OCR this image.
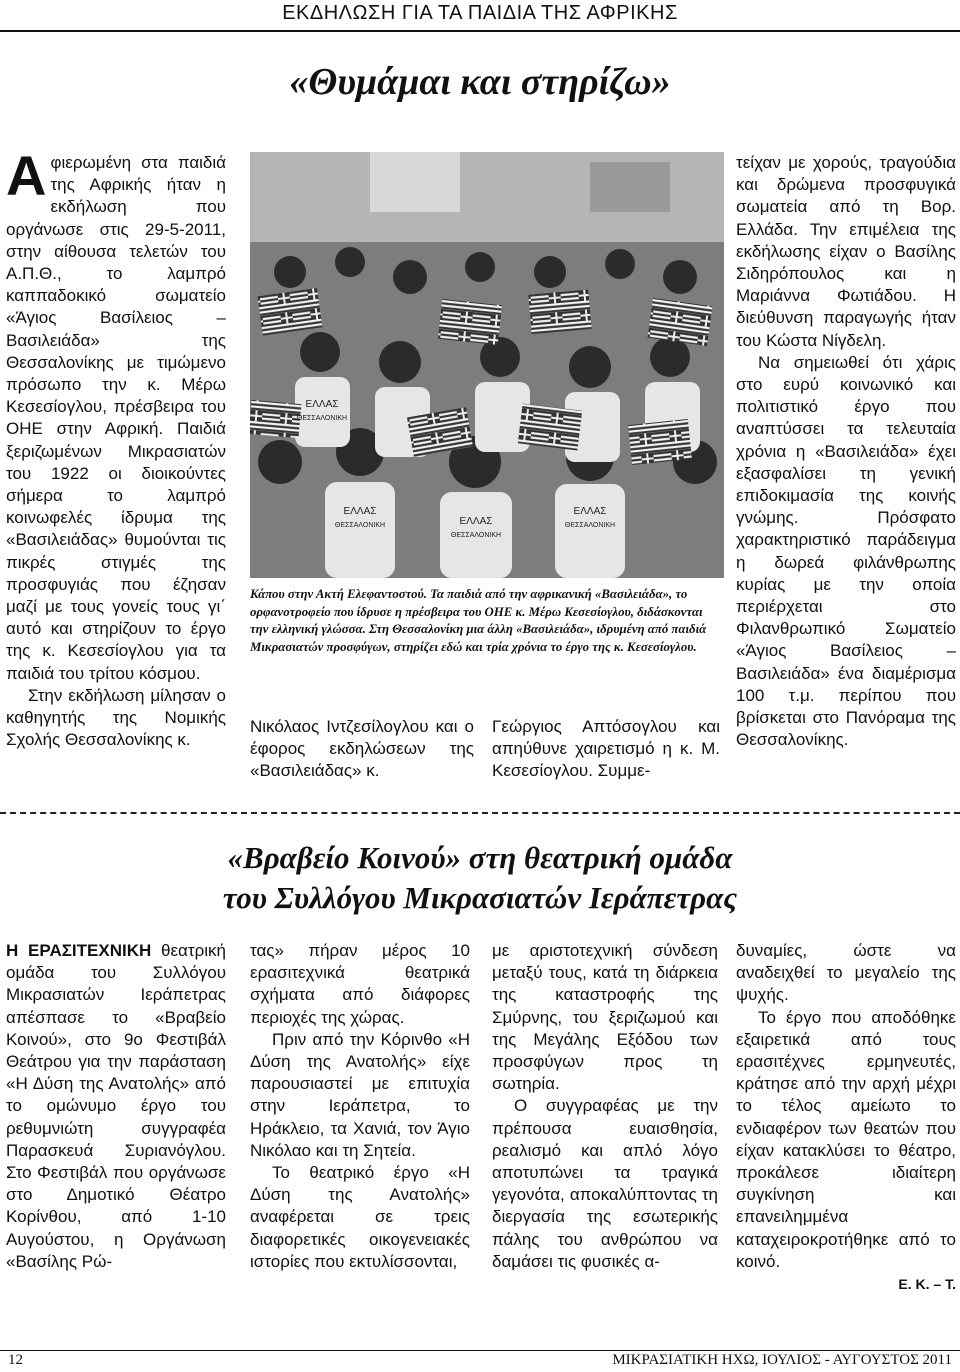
ΕΚΔΗΛΩΣΗ ΓΙΑ ΤΑ ΠΑΙΔΙΑ ΤΗΣ ΑΦΡΙΚΗΣ
«Θυμάμαι και στηρίζω»

Α φιερωμένη στα παιδιά της Αφρικής ήταν η εκδήλωση που οργάνωσε στις 29-5-2011, στην αίθουσα τελετών του Α.Π.Θ., το λαμπρό καππαδοκικό σωματείο «Άγιος Βασίλειος – Βασιλειάδα» της Θεσσαλονίκης με τιμώμενο πρόσωπο την κ. Μέρω Κεσεσίογλου, πρέσβειρα του ΟΗΕ στην Αφρική. Παιδιά ξεριζωμένων Μικρασιατών του 1922 οι διοικούντες σήμερα το λαμπρό κοινωφελές ίδρυμα της «Βασιλειάδας» θυμούνται τις πικρές στιγμές της προσφυγιάς που έζησαν μαζί με τους γονείς τους γι΄ αυτό και στηρίζουν το έργο της κ. Κεσεσίογλου για τα παιδιά του τρίτου κόσμου.

Στην εκδήλωση μίλησαν ο καθηγητής της Νομικής Σχολής Θεσσαλονίκης κ.

ΕΛΛΑΣ
ΘΕΣΣΑΛΟΝΙΚΗ
ΕΛΛΑΣ
ΘΕΣΣΑΛΟΝΙΚΗ
ΕΛΛΑΣ
ΘΕΣΣΑΛΟΝΙΚΗ
ΕΛΛΑΣ
ΘΕΣΣΑΛΟΝΙΚΗ
Κάπου στην Ακτή Ελεφαντοστού. Τα παιδιά από την αφρικανική «Βασιλειάδα», το ορφανοτροφείο που ίδρυσε η πρέσβειρα του ΟΗΕ κ. Μέρω Κεσεσίογλου, διδάσκονται την ελληνική γλώσσα. Στη Θεσσαλονίκη μια άλλη «Βασιλειάδα», ιδρυμένη από παιδιά Μικρασιατών προσφύγων, στηρίζει εδώ και τρία χρόνια το έργο της κ. Κεσεσίογλου.

Νικόλαος Ιντζεσίλογλου και ο έφορος εκδηλώσεων της «Βασιλειάδας» κ.

Γεώργιος Απτόσογλου και απηύθυνε χαιρετισμό η κ. Μ. Κεσεσίογλου. Συμμε-

τείχαν με χορούς, τραγούδια και δρώμενα προσφυγικά σωματεία από τη Βορ. Ελλάδα. Την επιμέλεια της εκδήλωσης είχαν ο Βασίλης Σιδηρόπουλος και η Μαριάννα Φωτιάδου. Η διεύθυνση παραγωγής ήταν του Κώστα Νίγδελη.

Να σημειωθεί ότι χάρις στο ευρύ κοινωνικό και πολιτιστικό έργο που αναπτύσσει τα τελευταία χρόνια η «Βασιλειάδα» έχει εξασφαλίσει τη γενική επιδοκιμασία της κοινής γνώμης. Πρόσφατο χαρακτηριστικό παράδειγμα η δωρεά φιλάνθρωπης κυρίας με την οποία περιέρχεται στο Φιλανθρωπικό Σωματείο «Άγιος Βασίλειος – Βασιλειάδα» ένα διαμέρισμα 100 τ.μ. περίπου που βρίσκεται στο Πανόραμα της Θεσσαλονίκης.

«Βραβείο Κοινού» στη θεατρική ομάδα
του Συλλόγου Μικρασιατών Ιεράπετρας

Η ΕΡΑΣΙΤΕΧΝΙΚΗ θεατρική ομάδα του Συλλόγου Μικρασιατών Ιεράπετρας απέσπασε το «Βραβείο Κοινού», στο 9ο Φεστιβάλ Θεάτρου για την παράσταση «Η Δύση της Ανατολής» από το ομώνυμο έργο του ρεθυμνιώτη συγγραφέα Παρασκευά Συριανόγλου. Στο Φεστιβάλ που οργάνωσε στο Δημοτικό Θέατρο Κορίνθου, από 1-10 Αυγούστου, η Οργάνωση «Βασίλης Ρώ-

τας» πήραν μέρος 10 ερασιτεχνικά θεατρικά σχήματα από διάφορες περιοχές της χώρας.

Πριν από την Κόρινθο «Η Δύση της Ανατολής» είχε παρουσιαστεί με επιτυχία στην Ιεράπετρα, το Ηράκλειο, τα Χανιά, τον Άγιο Νικόλαο και τη Σητεία.

Το θεατρικό έργο «Η Δύση της Ανατολής» αναφέρεται σε τρεις διαφορετικές οικογενειακές ιστορίες που εκτυλίσσονται,

με αριστοτεχνική σύνδεση μεταξύ τους, κατά τη διάρκεια της καταστροφής της Σμύρνης, του ξεριζωμού και της Μεγάλης Εξόδου των προσφύγων προς τη σωτηρία.

Ο συγγραφέας με την πρέπουσα ευαισθησία, ρεαλισμό και απλό λόγο αποτυπώνει τα τραγικά γεγονότα, αποκαλύπτοντας τη διεργασία της εσωτερικής πάλης του ανθρώπου να δαμάσει τις φυσικές α-

δυναμίες, ώστε να αναδειχθεί το μεγαλείο της ψυχής.

Το έργο που αποδόθηκε εξαιρετικά από τους ερασιτέχνες ερμηνευτές, κράτησε από την αρχή μέχρι το τέλος αμείωτο το ενδιαφέρον των θεατών που είχαν κατακλύσει το θέατρο, προκάλεσε ιδιαίτερη συγκίνηση και επανειλημμένα καταχειροκροτήθηκε από το κοινό.

Ε. Κ. – Τ.

12	ΜΙΚΡΑΣΙΑΤΙΚΗ ΗΧΩ, ΙΟΥΛΙΟΣ - ΑΥΓΟΥΣΤΟΣ 2011
